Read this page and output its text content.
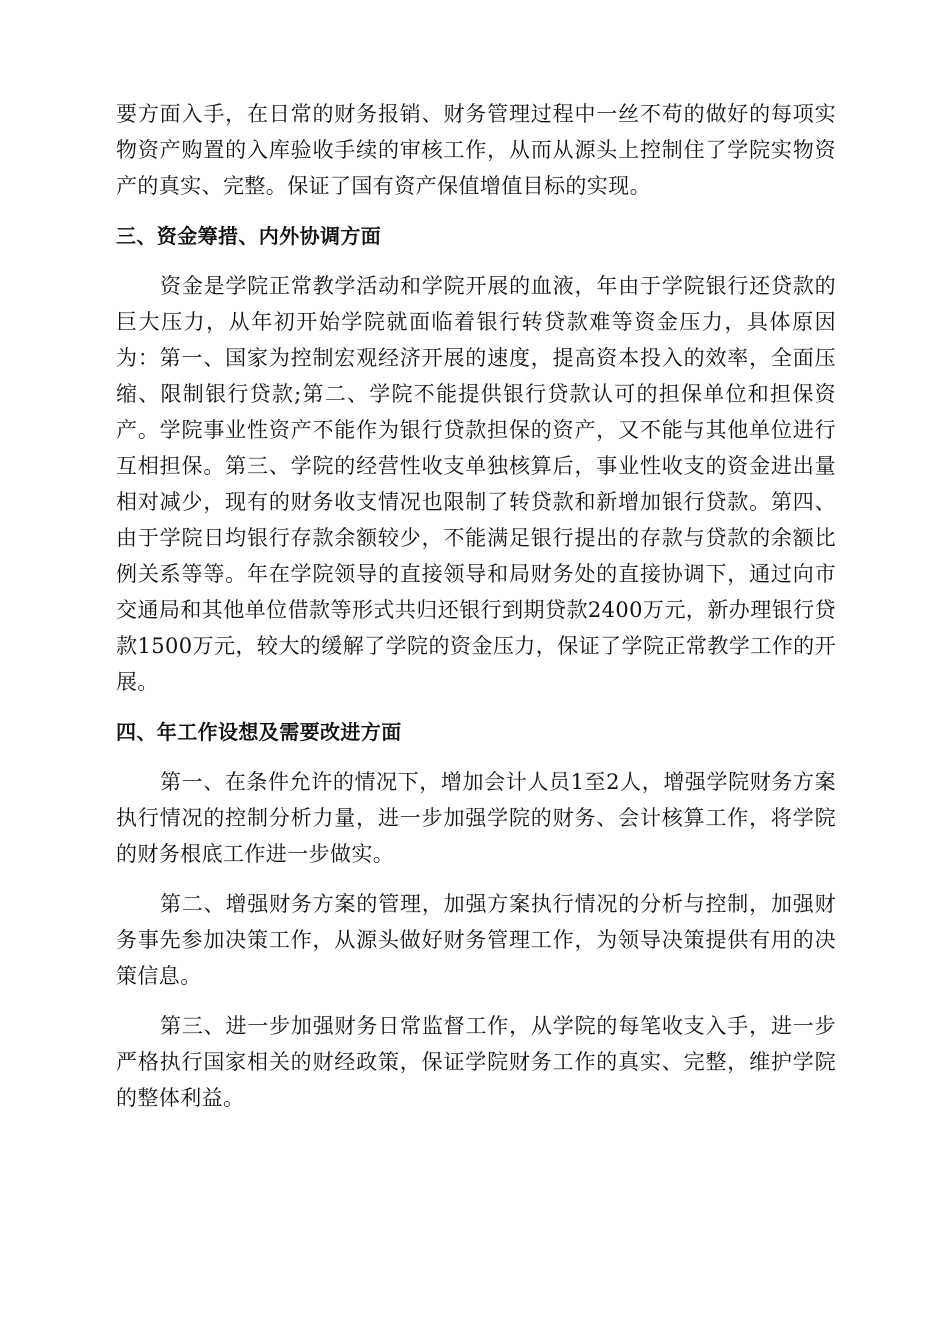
要方面入手，在日常的财务报销、财务管理过程中一丝不苟的做好的每项实物资产购置的入库验收手续的审核工作，从而从源头上控制住了学院实物资产的真实、完整。保证了国有资产保值增值目标的实现。

三、资金筹措、内外协调方面

资金是学院正常教学活动和学院开展的血液，年由于学院银行还贷款的巨大压力，从年初开始学院就面临着银行转贷款难等资金压力，具体原因为：第一、国家为控制宏观经济开展的速度，提高资本投入的效率，全面压缩、限制银行贷款;第二、学院不能提供银行贷款认可的担保单位和担保资产。学院事业性资产不能作为银行贷款担保的资产，又不能与其他单位进行互相担保。第三、学院的经营性收支单独核算后，事业性收支的资金进出量相对减少，现有的财务收支情况也限制了转贷款和新增加银行贷款。第四、由于学院日均银行存款余额较少，不能满足银行提出的存款与贷款的余额比例关系等等。年在学院领导的直接领导和局财务处的直接协调下，通过向市交通局和其他单位借款等形式共归还银行到期贷款2400万元，新办理银行贷款1500万元，较大的缓解了学院的资金压力，保证了学院正常教学工作的开展。

四、年工作设想及需要改进方面

第一、在条件允许的情况下，增加会计人员1至2人，增强学院财务方案执行情况的控制分析力量，进一步加强学院的财务、会计核算工作，将学院的财务根底工作进一步做实。

第二、增强财务方案的管理，加强方案执行情况的分析与控制，加强财务事先参加决策工作，从源头做好财务管理工作，为领导决策提供有用的决策信息。

第三、进一步加强财务日常监督工作，从学院的每笔收支入手，进一步严格执行国家相关的财经政策，保证学院财务工作的真实、完整，维护学院的整体利益。
